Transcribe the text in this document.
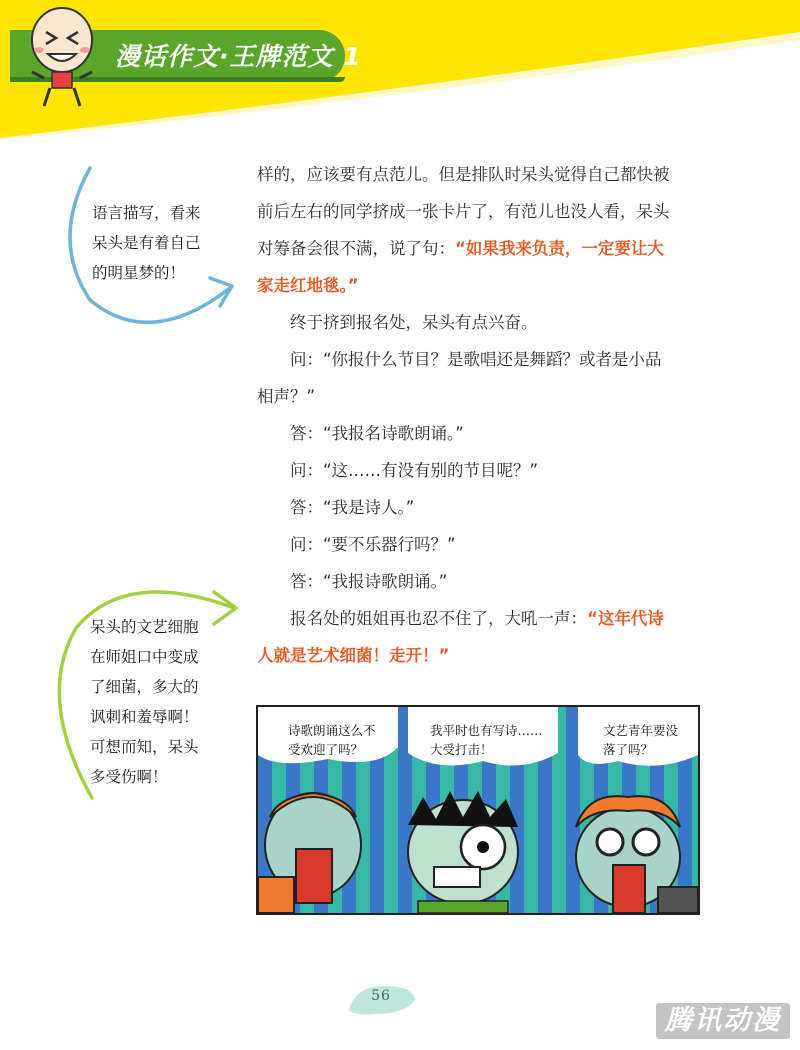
漫话作文·王牌范文 1

样的，应该要有点范儿。但是排队时呆头觉得自己都快被
前后左右的同学挤成一张卡片了，有范儿也没人看，呆头
对筹备会很不满，说了句：“如果我来负责，一定要让大
家走红地毯。”

终于挤到报名处，呆头有点兴奋。

问：“你报什么节目？是歌唱还是舞蹈？或者是小品

相声？”

答：“我报名诗歌朗诵。”

问：“这……有没有别的节目呢？”

答：“我是诗人。”

问：“要不乐器行吗？”

答：“我报诗歌朗诵。”

报名处的姐姐再也忍不住了，大吼一声：“这年代诗

人就是艺术细菌！走开！”

语言描写，看来
呆头是有着自己
的明星梦的！
呆头的文艺细胞
在师姐口中变成
了细菌，多大的
讽刺和羞辱啊！
可想而知，呆头
多受伤啊！
诗歌朗诵这么不
受欢迎了吗？
我平时也有写诗……
大受打击！
文艺青年要没
落了吗？
56
腾讯动漫
